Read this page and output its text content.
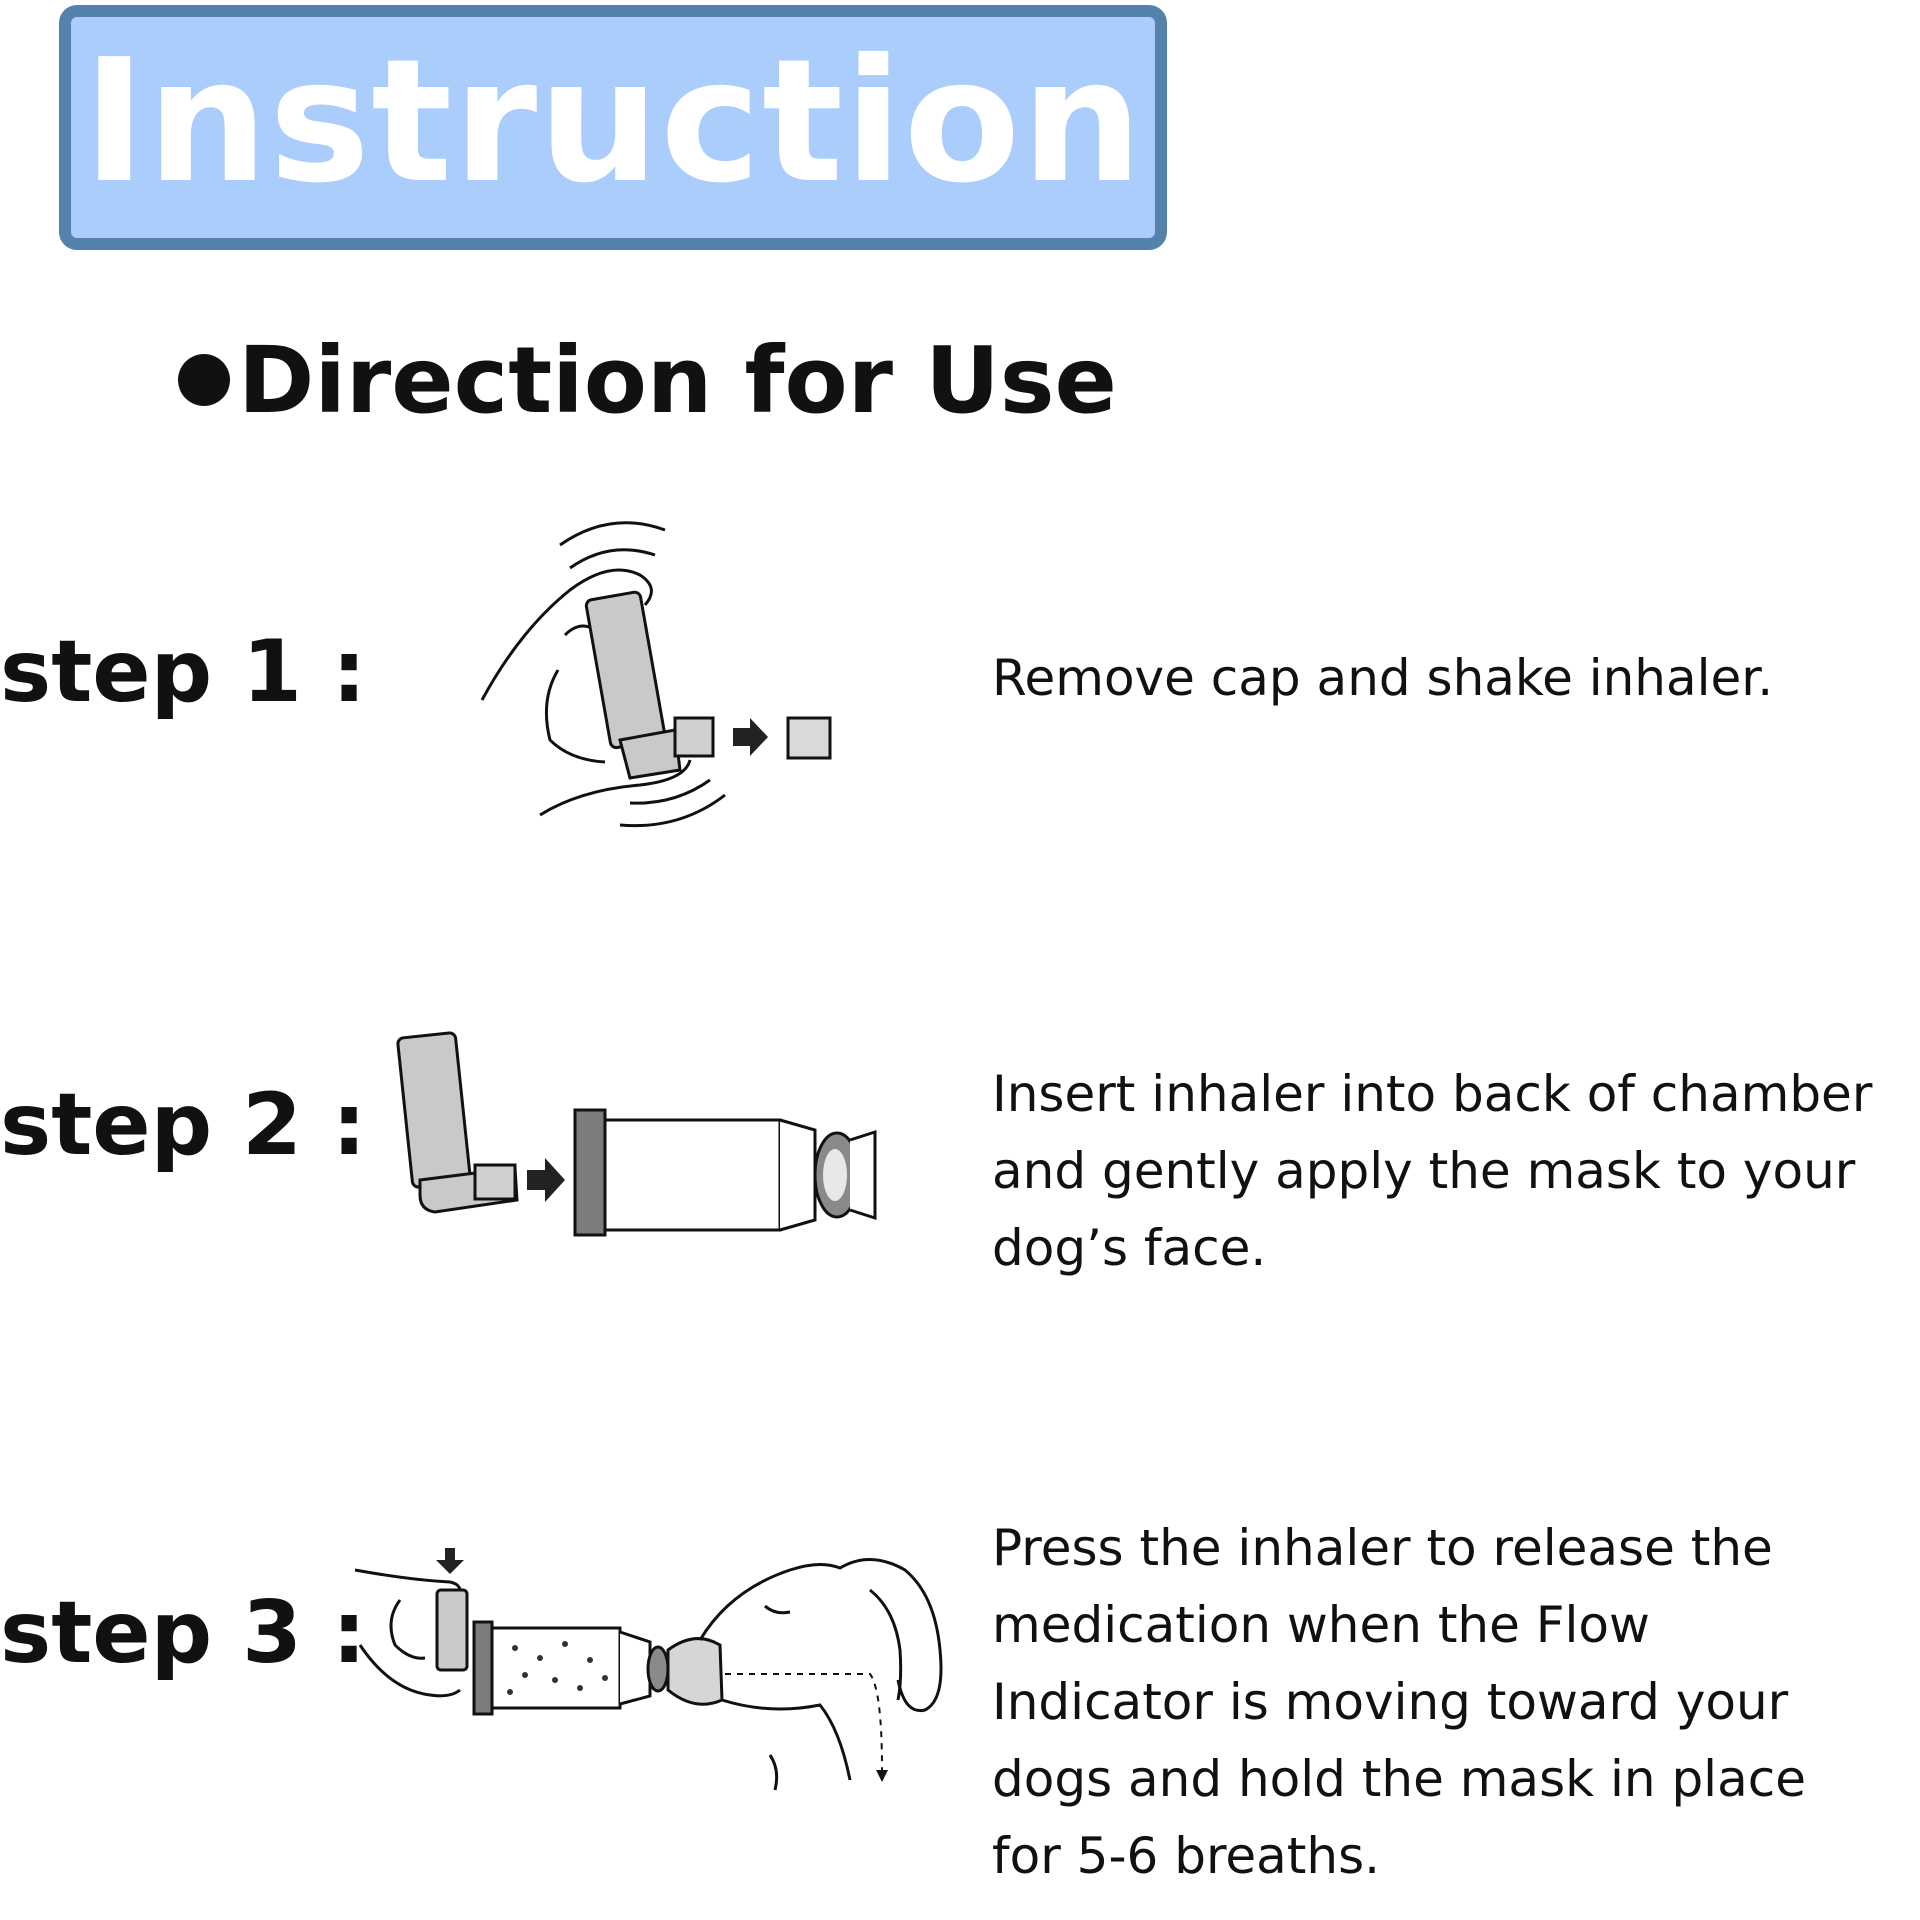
Instruction
Direction for Use
step 1 :	Remove cap and shake inhaler.
step 2 :	Insert inhaler into back of chamber
and gently apply the mask to your
dog’s face.
step 3 :
Press the inhaler to release the
medication when the Flow
Indicator is moving toward your
dogs and hold the mask in place
for 5-6 breaths.
